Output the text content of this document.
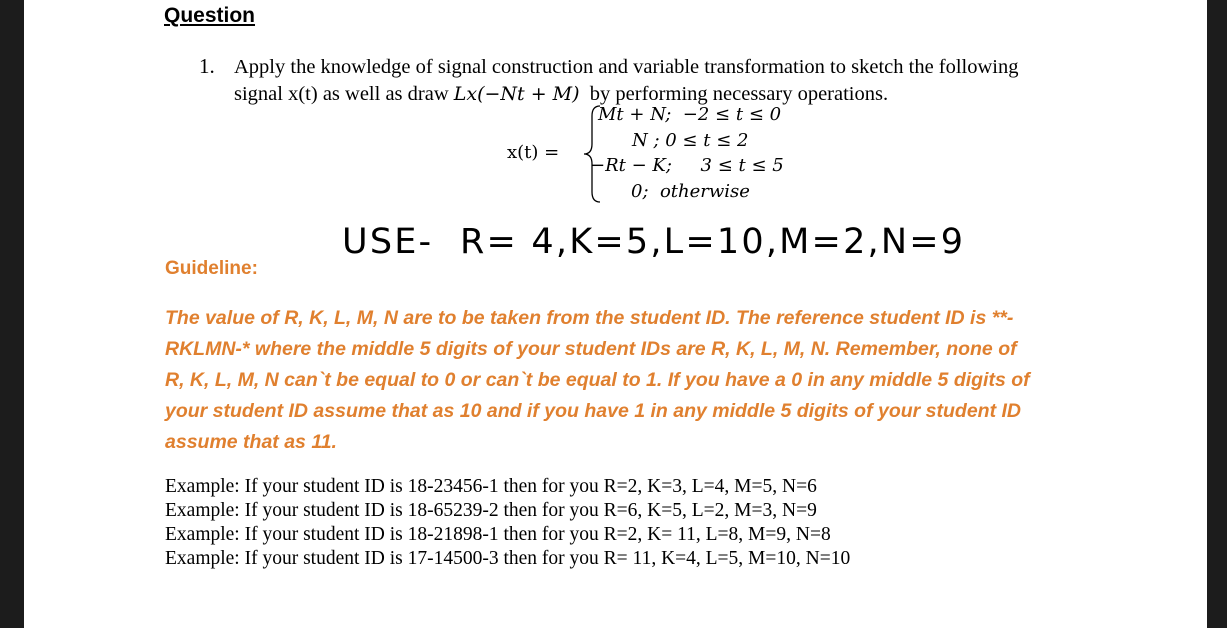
Question
1. Apply the knowledge of signal construction and variable transformation to sketch the following
signal x(t) as well as draw Lx(−Nt + M)  by performing necessary operations.
x(t) =
Mt + N;  −2 ≤ t ≤ 0
N ; 0 ≤ t ≤ 2
−Rt − K;     3 ≤ t ≤ 5
0;  otherwise
USE-  R= 4,K=5,L=10,M=2,N=9
Guideline:
The value of R, K, L, M, N are to be taken from the student ID. The reference student ID is **-
RKLMN-* where the middle 5 digits of your student IDs are R, K, L, M, N. Remember, none of
R, K, L, M, N can`t be equal to 0 or can`t be equal to 1. If you have a 0 in any middle 5 digits of
your student ID assume that as 10 and if you have 1 in any middle 5 digits of your student ID
assume that as 11.
Example: If your student ID is 18-23456-1 then for you R=2, K=3, L=4, M=5, N=6
Example: If your student ID is 18-65239-2 then for you R=6, K=5, L=2, M=3, N=9
Example: If your student ID is 18-21898-1 then for you R=2, K= 11, L=8, M=9, N=8
Example: If your student ID is 17-14500-3 then for you R= 11, K=4, L=5, M=10, N=10
